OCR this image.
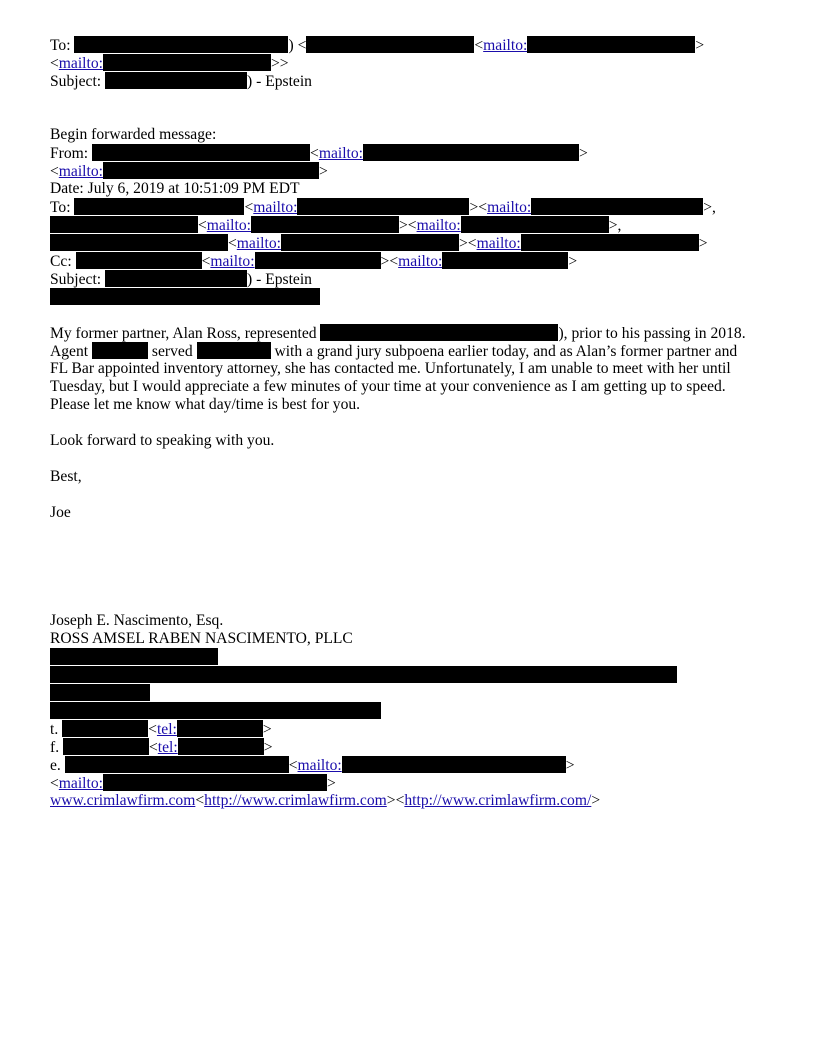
To:	) <	<mailto:	>
<mailto:	>>
Subject:	) - Epstein
Begin forwarded message:
From:	<mailto:	>
<mailto:	>
Date: July 6, 2019 at 10:51:09 PM EDT
To:	<mailto:	><mailto:	>,
<mailto:	><mailto:	>,
<mailto:	><mailto:	>
Cc:	<mailto:	><mailto:	>
Subject:	) - Epstein
My former partner, Alan Ross, represented	), prior to his passing in 2018.
Agent	served	with a grand jury subpoena earlier today, and as Alan’s former partner and
FL Bar appointed inventory attorney, she has contacted me. Unfortunately, I am unable to meet with her until
Tuesday, but I would appreciate a few minutes of your time at your convenience as I am getting up to speed.
Please let me know what day/time is best for you.
Look forward to speaking with you.
Best,
Joe
Joseph E. Nascimento, Esq.
ROSS AMSEL RABEN NASCIMENTO, PLLC
t.	<tel:	>
f.	<tel:	>
e.	<mailto:	>
<mailto:	>
www.crimlawfirm.com<http://www.crimlawfirm.com><http://www.crimlawfirm.com/>
